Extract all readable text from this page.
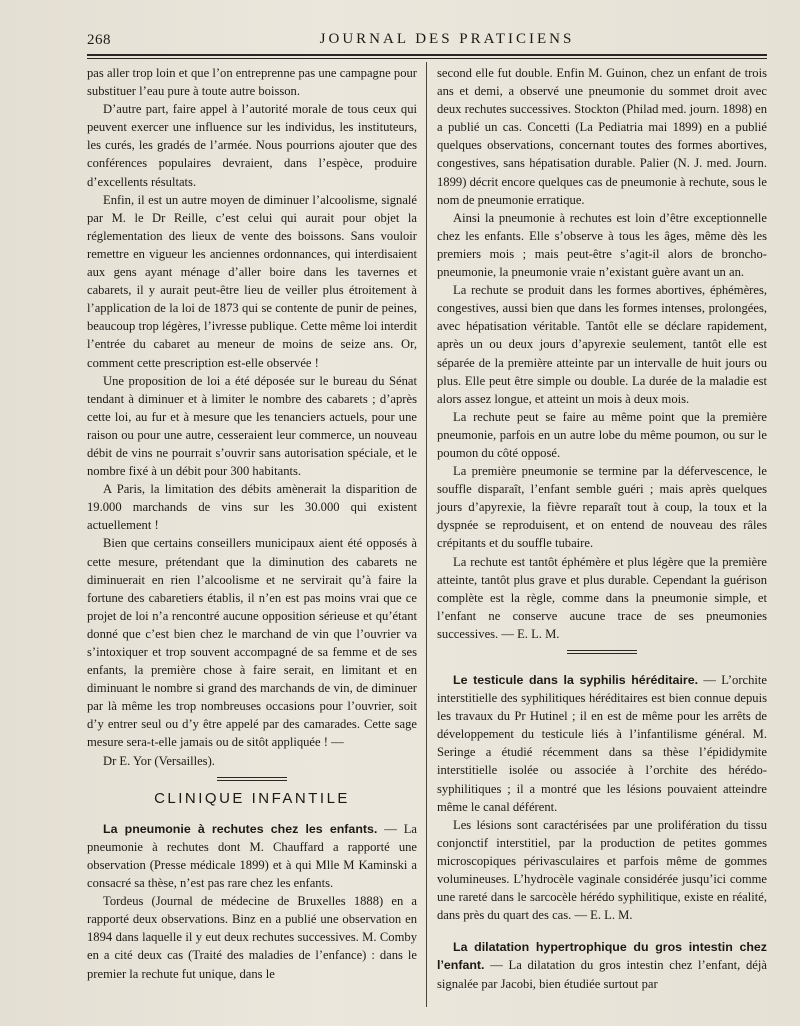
268	JOURNAL DES PRATICIENS

pas aller trop loin et que l’on entreprenne pas une campagne pour substituer l’eau pure à toute autre boisson.

D’autre part, faire appel à l’autorité morale de tous ceux qui peuvent exercer une influence sur les individus, les instituteurs, les curés, les gradés de l’armée. Nous pourrions ajouter que des conférences populaires devraient, dans l’espèce, produire d’excellents résultats.

Enfin, il est un autre moyen de diminuer l’alcoolisme, signalé par M. le Dr Reille, c’est celui qui aurait pour objet la réglementation des lieux de vente des boissons. Sans vouloir remettre en vigueur les anciennes ordonnances, qui interdisaient aux gens ayant ménage d’aller boire dans les tavernes et cabarets, il y aurait peut-être lieu de veiller plus étroitement à l’application de la loi de 1873 qui se contente de punir de peines, beaucoup trop légères, l’ivresse publique. Cette même loi interdit l’entrée du cabaret au meneur de moins de seize ans. Or, comment cette prescription est-elle observée !

Une proposition de loi a été déposée sur le bureau du Sénat tendant à diminuer et à limiter le nombre des cabarets ; d’après cette loi, au fur et à mesure que les tenanciers actuels, pour une raison ou pour une autre, cesseraient leur commerce, un nouveau débit de vins ne pourrait s’ouvrir sans autorisation spéciale, et le nombre fixé à un débit pour 300 habitants.

A Paris, la limitation des débits amènerait la disparition de 19.000 marchands de vins sur les 30.000 qui existent actuellement !

Bien que certains conseillers municipaux aient été opposés à cette mesure, prétendant que la diminution des cabarets ne diminuerait en rien l’alcoolisme et ne servirait qu’à faire la fortune des cabaretiers établis, il n’en est pas moins vrai que ce projet de loi n’a rencontré aucune opposition sérieuse et qu’étant donné que c’est bien chez le marchand de vin que l’ouvrier va s’intoxiquer et trop souvent accompagné de sa femme et de ses enfants, la première chose à faire serait, en limitant et en diminuant le nombre si grand des marchands de vin, de diminuer par là même les trop nombreuses occasions pour l’ouvrier, soit d’y entrer seul ou d’y être appelé par des camarades. Cette sage mesure sera-t-elle jamais ou de sitôt appliquée ! —

Dr E. Yor (Versailles).

CLINIQUE INFANTILE

La pneumonie à rechutes chez les enfants. — La pneumonie à rechutes dont M. Chauffard a rapporté une observation (Presse médicale 1899) et à qui Mlle M Kaminski a consacré sa thèse, n’est pas rare chez les enfants.

Tordeus (Journal de médecine de Bruxelles 1888) en a rapporté deux observations. Binz en a publié une observation en 1894 dans laquelle il y eut deux rechutes successives. M. Comby en a cité deux cas (Traité des maladies de l’enfance) : dans le premier la rechute fut unique, dans le

second elle fut double. Enfin M. Guinon, chez un enfant de trois ans et demi, a observé une pneumonie du sommet droit avec deux rechutes successives. Stockton (Philad med. journ. 1898) en a publié un cas. Concetti (La Pediatria mai 1899) en a publié quelques observations, concernant toutes des formes abortives, congestives, sans hépatisation durable. Palier (N. J. med. Journ. 1899) décrit encore quelques cas de pneumonie à rechute, sous le nom de pneumonie erratique.

Ainsi la pneumonie à rechutes est loin d’être exceptionnelle chez les enfants. Elle s’observe à tous les âges, même dès les premiers mois ; mais peut-être s’agit-il alors de broncho-pneumonie, la pneumonie vraie n’existant guère avant un an.

La rechute se produit dans les formes abortives, éphémères, congestives, aussi bien que dans les formes intenses, prolongées, avec hépatisation véritable. Tantôt elle se déclare rapidement, après un ou deux jours d’apyrexie seulement, tantôt elle est séparée de la première atteinte par un intervalle de huit jours ou plus. Elle peut être simple ou double. La durée de la maladie est alors assez longue, et atteint un mois à deux mois.

La rechute peut se faire au même point que la première pneumonie, parfois en un autre lobe du même poumon, ou sur le poumon du côté opposé.

La première pneumonie se termine par la défervescence, le souffle disparaît, l’enfant semble guéri ; mais après quelques jours d’apyrexie, la fièvre reparaît tout à coup, la toux et la dyspnée se reproduisent, et on entend de nouveau des râles crépitants et du souffle tubaire.

La rechute est tantôt éphémère et plus légère que la première atteinte, tantôt plus grave et plus durable. Cependant la guérison complète est la règle, comme dans la pneumonie simple, et l’enfant ne conserve aucune trace de ses pneumonies successives. — E. L. M.

Le testicule dans la syphilis héréditaire. — L’orchite interstitielle des syphilitiques héréditaires est bien connue depuis les travaux du Pr Hutinel ; il en est de même pour les arrêts de développement du testicule liés à l’infantilisme général. M. Seringe a étudié récemment dans sa thèse l’épididymite interstitielle isolée ou associée à l’orchite des hérédo-syphilitiques ; il a montré que les lésions pouvaient atteindre même le canal déférent.

Les lésions sont caractérisées par une prolifération du tissu conjonctif interstitiel, par la production de petites gommes microscopiques périvasculaires et parfois même de gommes volumineuses. L’hydrocèle vaginale considérée jusqu’ici comme une rareté dans le sarcocèle hérédo syphilitique, existe en réalité, dans près du quart des cas. — E. L. M.

La dilatation hypertrophique du gros intestin chez l’enfant. — La dilatation du gros intestin chez l’enfant, déjà signalée par Jacobi, bien étudiée surtout par
